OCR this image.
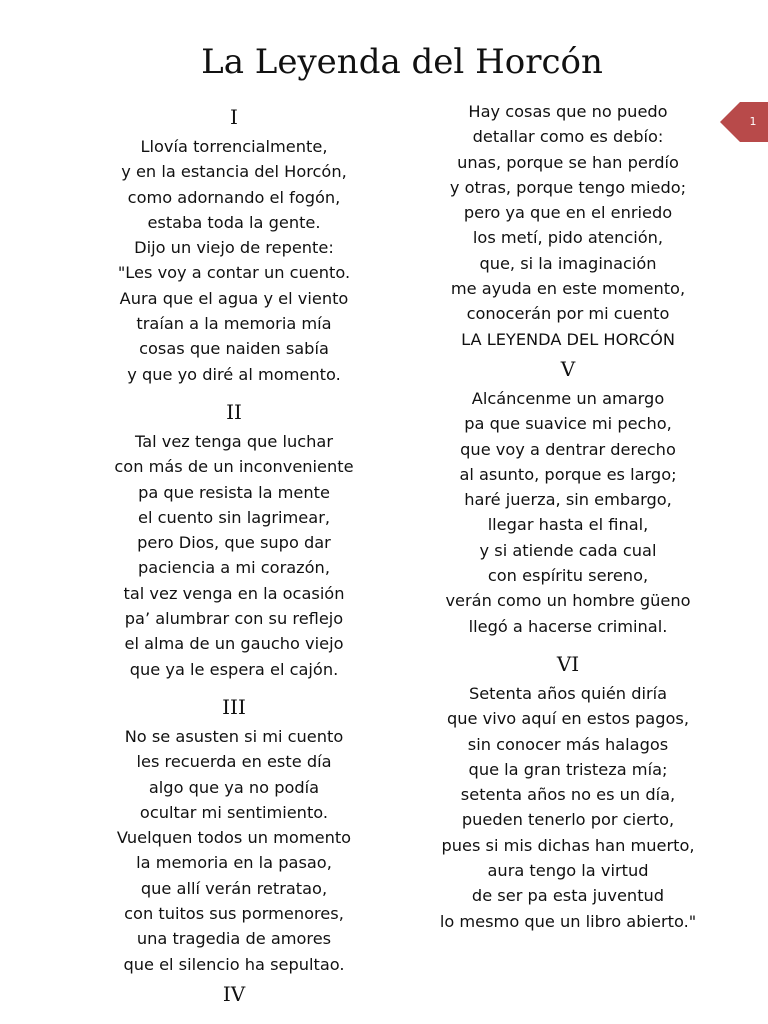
La Leyenda del Horcón
1
I
Llovía torrencialmente,
y en la estancia del Horcón,
como adornando el fogón,
estaba toda la gente.
Dijo un viejo de repente:
"Les voy a contar un cuento.
Aura que el agua y el viento
traían a la memoria mía
cosas que naiden sabía
y que yo diré al momento.
II
Tal vez tenga que luchar
con más de un inconveniente
pa que resista la mente
el cuento sin lagrimear,
pero Dios, que supo dar
paciencia a mi corazón,
tal vez venga en la ocasión
pa’ alumbrar con su reflejo
el alma de un gaucho viejo
que ya le espera el cajón.
III
No se asusten si mi cuento
les recuerda en este día
algo que ya no podía
ocultar mi sentimiento.
Vuelquen todos un momento
la memoria en la pasao,
que allí verán retratao,
con tuitos sus pormenores,
una tragedia de amores
que el silencio ha sepultao.
IV
Hay cosas que no puedo
detallar como es debío:
unas, porque se han perdío
y otras, porque tengo miedo;
pero ya que en el enriedo
los metí, pido atención,
que, si la imaginación
me ayuda en este momento,
conocerán por mi cuento
LA LEYENDA DEL HORCÓN
V
Alcáncenme un amargo
pa que suavice mi pecho,
que voy a dentrar derecho
al asunto, porque es largo;
haré juerza, sin embargo,
llegar hasta el final,
y si atiende cada cual
con espíritu sereno,
verán como un hombre güeno
llegó a hacerse criminal.
VI
Setenta años quién diría
que vivo aquí en estos pagos,
sin conocer más halagos
que la gran tristeza mía;
setenta años no es un día,
pueden tenerlo por cierto,
pues si mis dichas han muerto,
aura tengo la virtud
de ser pa esta juventud
lo mesmo que un libro abierto."
